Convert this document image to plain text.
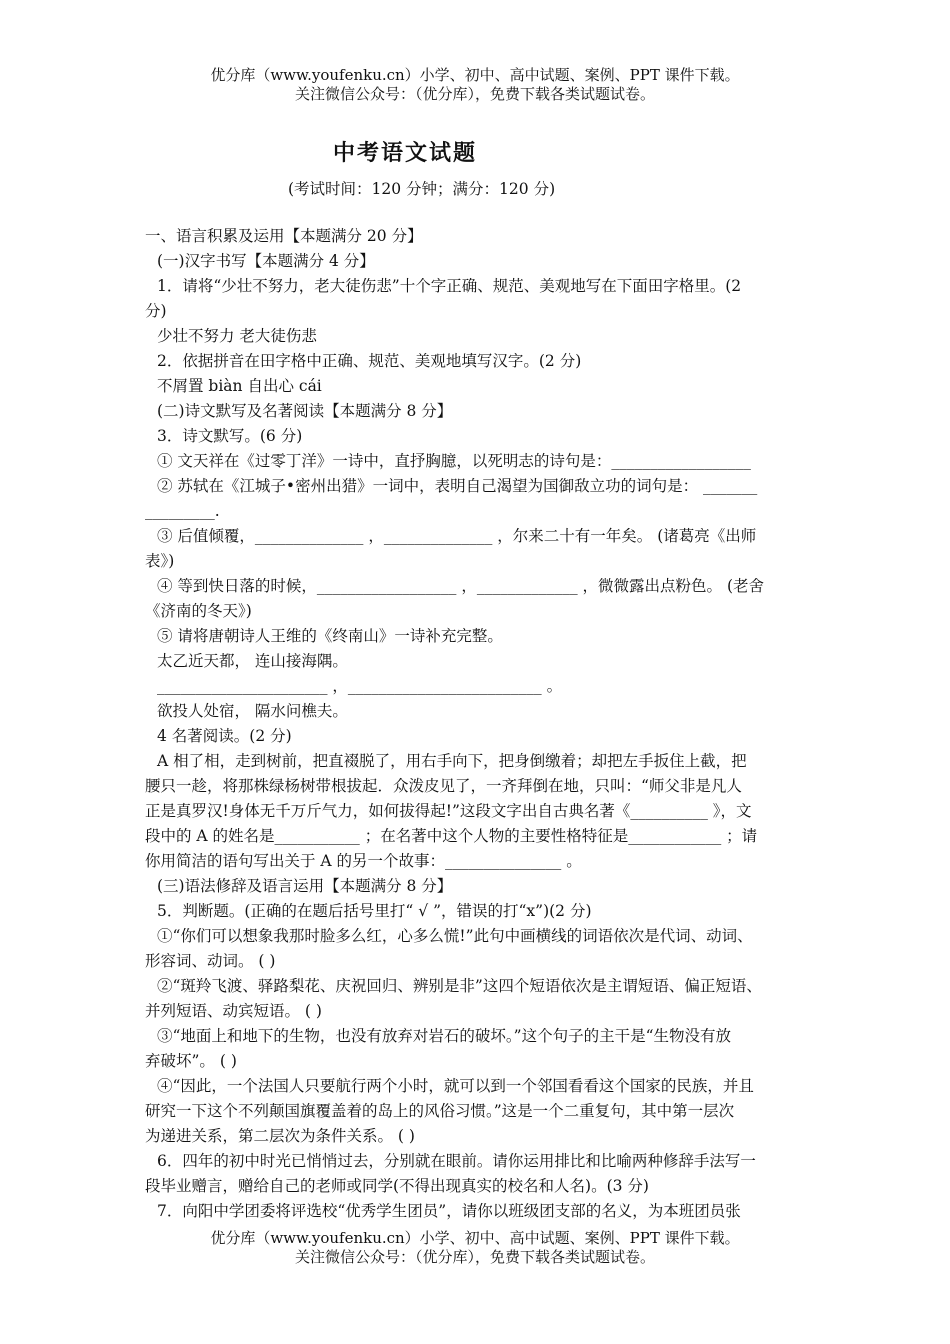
优分库（www.youfenku.cn）小学、初中、高中试题、案例、PPT 课件下载。
关注微信公众号：（优分库），免费下载各类试题试卷。
中考语文试题
(考试时间：120 分钟；满分：120 分)

一、语言积累及运用【本题满分 20 分】

(一)汉字书写【本题满分 4 分】

1．请将“少壮不努力，老大徒伤悲”十个字正确、规范、美观地写在下面田字格里。(2

分)

少壮不努力 老大徒伤悲

2．依据拼音在田字格中正确、规范、美观地填写汉字。(2 分)

不屑置 biàn 自出心 cái

(二)诗文默写及名著阅读【本题满分 8 分】

3．诗文默写。(6 分)

① 文天祥在《过零丁洋》一诗中，直抒胸臆，以死明志的诗句是：__________________

② 苏轼在《江城子•密州出猎》一词中，表明自己渴望为国御敌立功的词句是： _______

_________.

③ 后值倾覆，______________ ，______________ ，尔来二十有一年矣。 (诸葛亮《出师

表》)

④ 等到快日落的时候，__________________ ，_____________ ，微微露出点粉色。 (老舍

《济南的冬天》)

⑤ 请将唐朝诗人王维的《终南山》一诗补充完整。

太乙近天都， 连山接海隅。

______________________ ，_________________________ 。

欲投人处宿， 隔水问樵夫。

4 名著阅读。(2 分)

A 相了相，走到树前，把直裰脱了，用右手向下，把身倒缴着；却把左手扳住上截，把

腰只一趁，将那株绿杨树带根拔起．众泼皮见了，一齐拜倒在地，只叫：“师父非是凡人

正是真罗汉!身体无千万斤气力，如何拔得起!”这段文字出自古典名著《__________ 》，文

段中的 A 的姓名是___________ ；在名著中这个人物的主要性格特征是____________ ；请

你用简洁的语句写出关于 A 的另一个故事：_______________ 。

(三)语法修辞及语言运用【本题满分 8 分】

5．判断题。(正确的在题后括号里打“ √ ”，错误的打“x”)(2 分)

①“你们可以想象我那时脸多么红，心多么慌!”此句中画横线的词语依次是代词、动词、

形容词、动词。 ( )

②“斑羚飞渡、驿路梨花、庆祝回归、辨别是非”这四个短语依次是主谓短语、偏正短语、

并列短语、动宾短语。 ( )

③“地面上和地下的生物，也没有放弃对岩石的破坏。”这个句子的主干是“生物没有放

弃破坏”。 ( )

④“因此，一个法国人只要航行两个小时，就可以到一个邻国看看这个国家的民族，并且

研究一下这个不列颠国旗覆盖着的岛上的风俗习惯。”这是一个二重复句，其中第一层次

为递进关系，第二层次为条件关系。 ( )

6．四年的初中时光已悄悄过去，分别就在眼前。请你运用排比和比喻两种修辞手法写一

段毕业赠言，赠给自己的老师或同学(不得出现真实的校名和人名)。(3 分)

7．向阳中学团委将评选校“优秀学生团员”，请你以班级团支部的名义，为本班团员张

优分库（www.youfenku.cn）小学、初中、高中试题、案例、PPT 课件下载。
关注微信公众号：（优分库），免费下载各类试题试卷。
